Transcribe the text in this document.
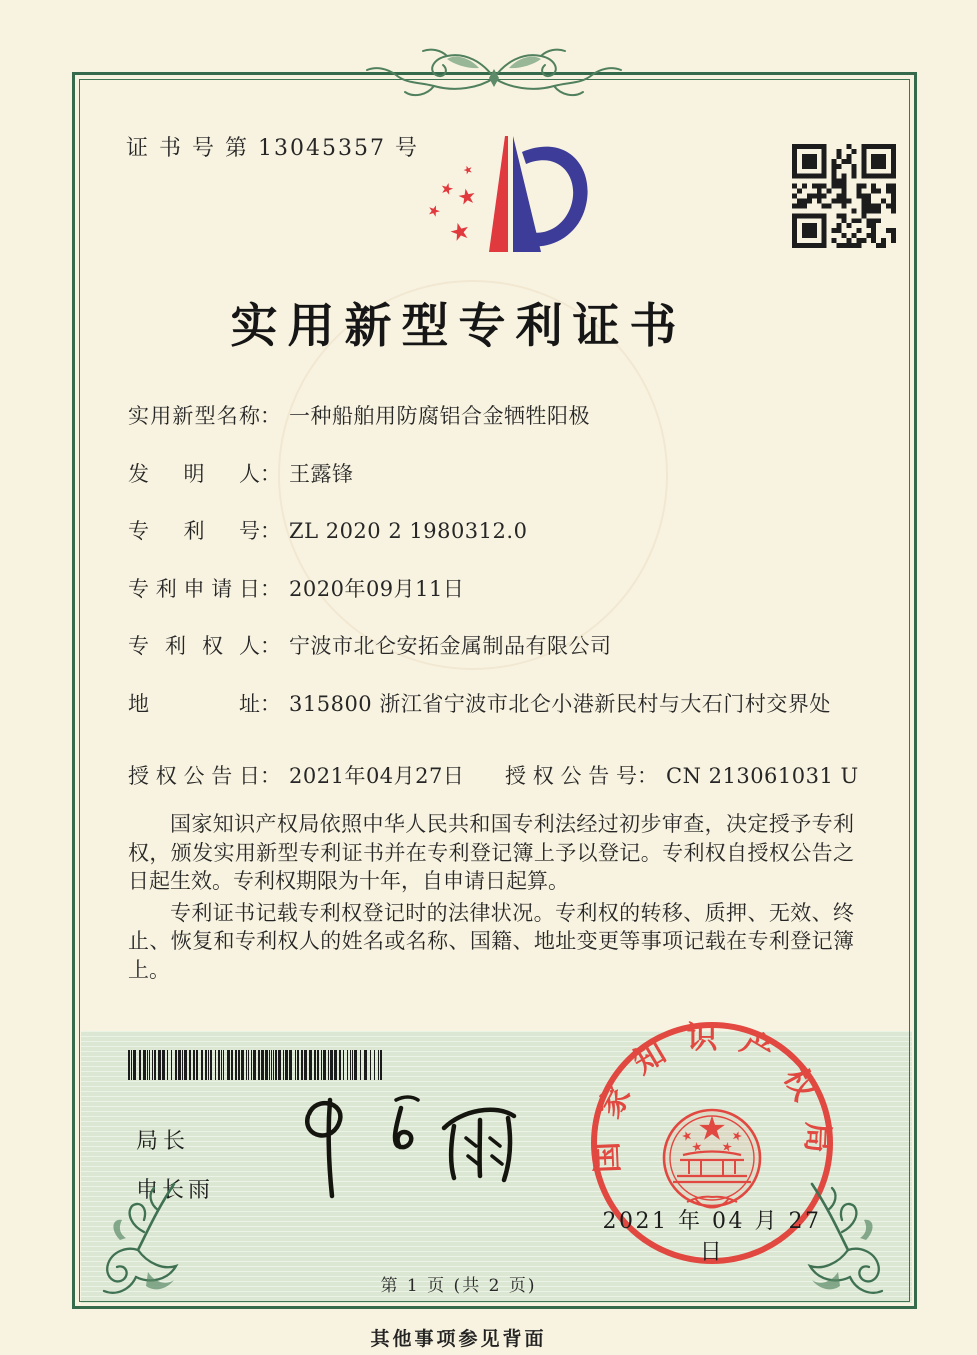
证 书 号 第 13045357 号
实用新型专利证书
实用新型名称： 一种船舶用防腐铝合金牺牲阳极
发明人： 王露锋
专利号： ZL 2020 2 1980312.0
专利申请日： 2020年09月11日
专利权人： 宁波市北仑安拓金属制品有限公司
地址： 315800 浙江省宁波市北仑小港新民村与大石门村交界处
授权公告日： 2021年04月27日 授权公告号： CN 213061031 U

国家知识产权局依照中华人民共和国专利法经过初步审查，决定授予专利权，颁发实用新型专利证书并在专利登记簿上予以登记。专利权自授权公告之日起生效。专利权期限为十年，自申请日起算。

专利证书记载专利权登记时的法律状况。专利权的转移、质押、无效、终止、恢复和专利权人的姓名或名称、国籍、地址变更等事项记载在专利登记簿上。

局长
申长雨
国家知识产权局
2021 年 04 月 27 日
第 1 页 (共 2 页)
其他事项参见背面
